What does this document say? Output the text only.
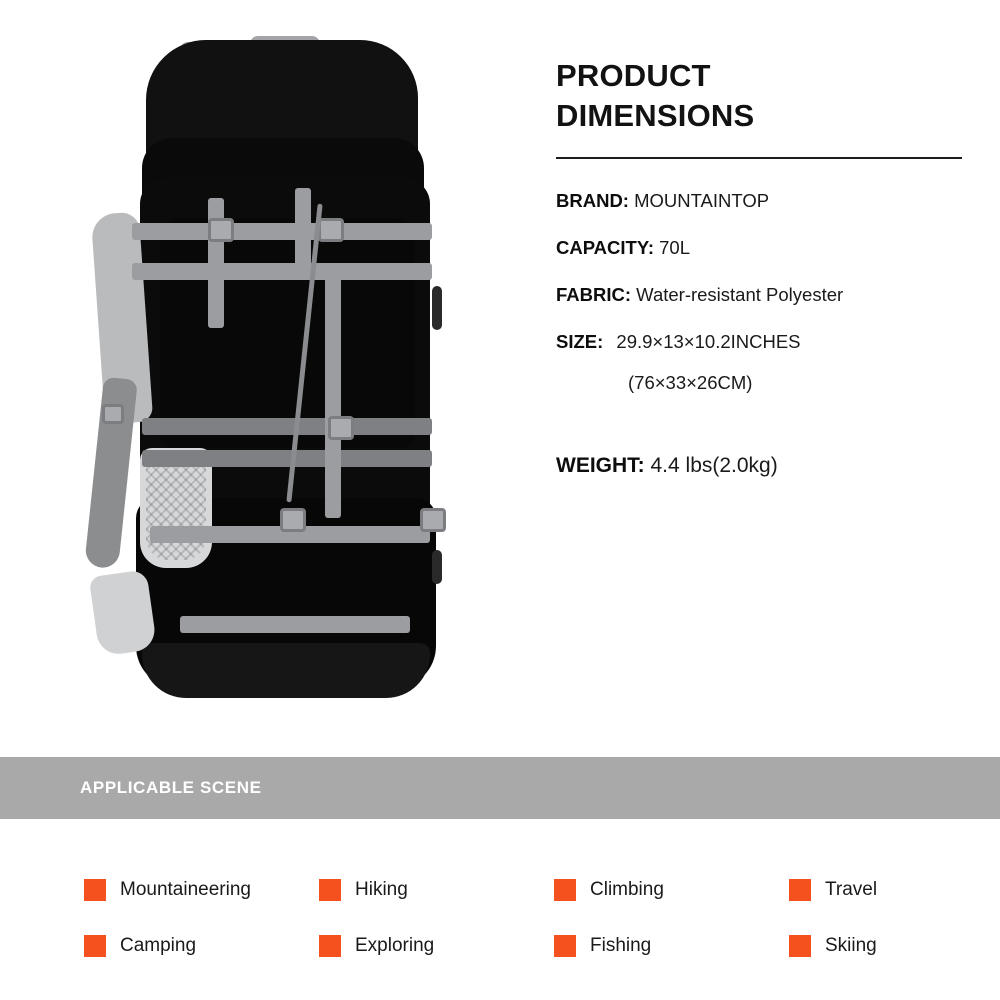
PRODUCT
DIMENSIONS
BRAND: MOUNTAINTOP
CAPACITY: 70L
FABRIC: Water-resistant Polyester
SIZE: 29.9×13×10.2INCHES
(76×33×26CM)
WEIGHT: 4.4 lbs(2.0kg)
APPLICABLE SCENE
Mountaineering	Hiking	Climbing	Travel
Camping	Exploring	Fishing	Skiing
